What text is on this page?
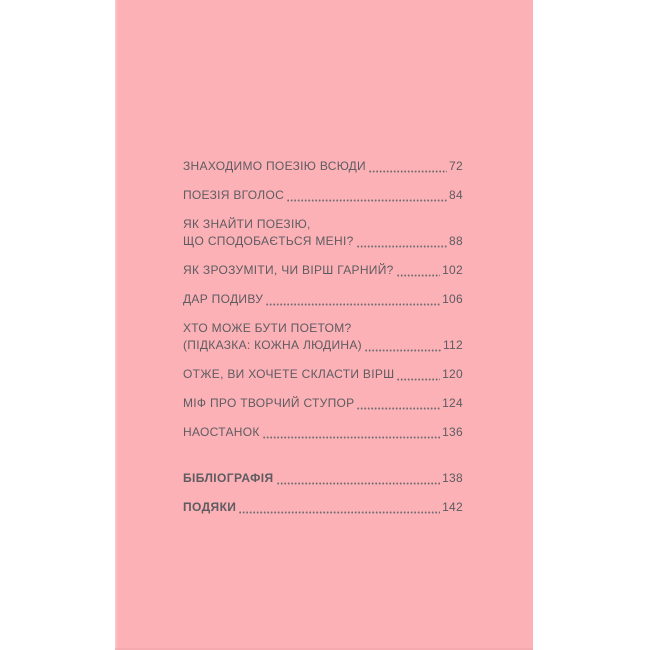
ЗНАХОДИМО ПОЕЗІЮ ВСЮДИ	72
ПОЕЗІЯ ВГОЛОС	84
ЯК ЗНАЙТИ ПОЕЗІЮ,
ЩО СПОДОБАЄТЬСЯ МЕНІ?	88
ЯК ЗРОЗУМІТИ, ЧИ ВІРШ ГАРНИЙ?	102
ДАР ПОДИВУ	106
ХТО МОЖЕ БУТИ ПОЕТОМ?
(ПІДКАЗКА: КОЖНА ЛЮДИНА)	112
ОТЖЕ, ВИ ХОЧЕТЕ СКЛАСТИ ВІРШ	120
МІФ ПРО ТВОРЧИЙ СТУПОР	124
НАОСТАНОК	136
БІБЛІОГРАФІЯ	138
ПОДЯКИ	142
